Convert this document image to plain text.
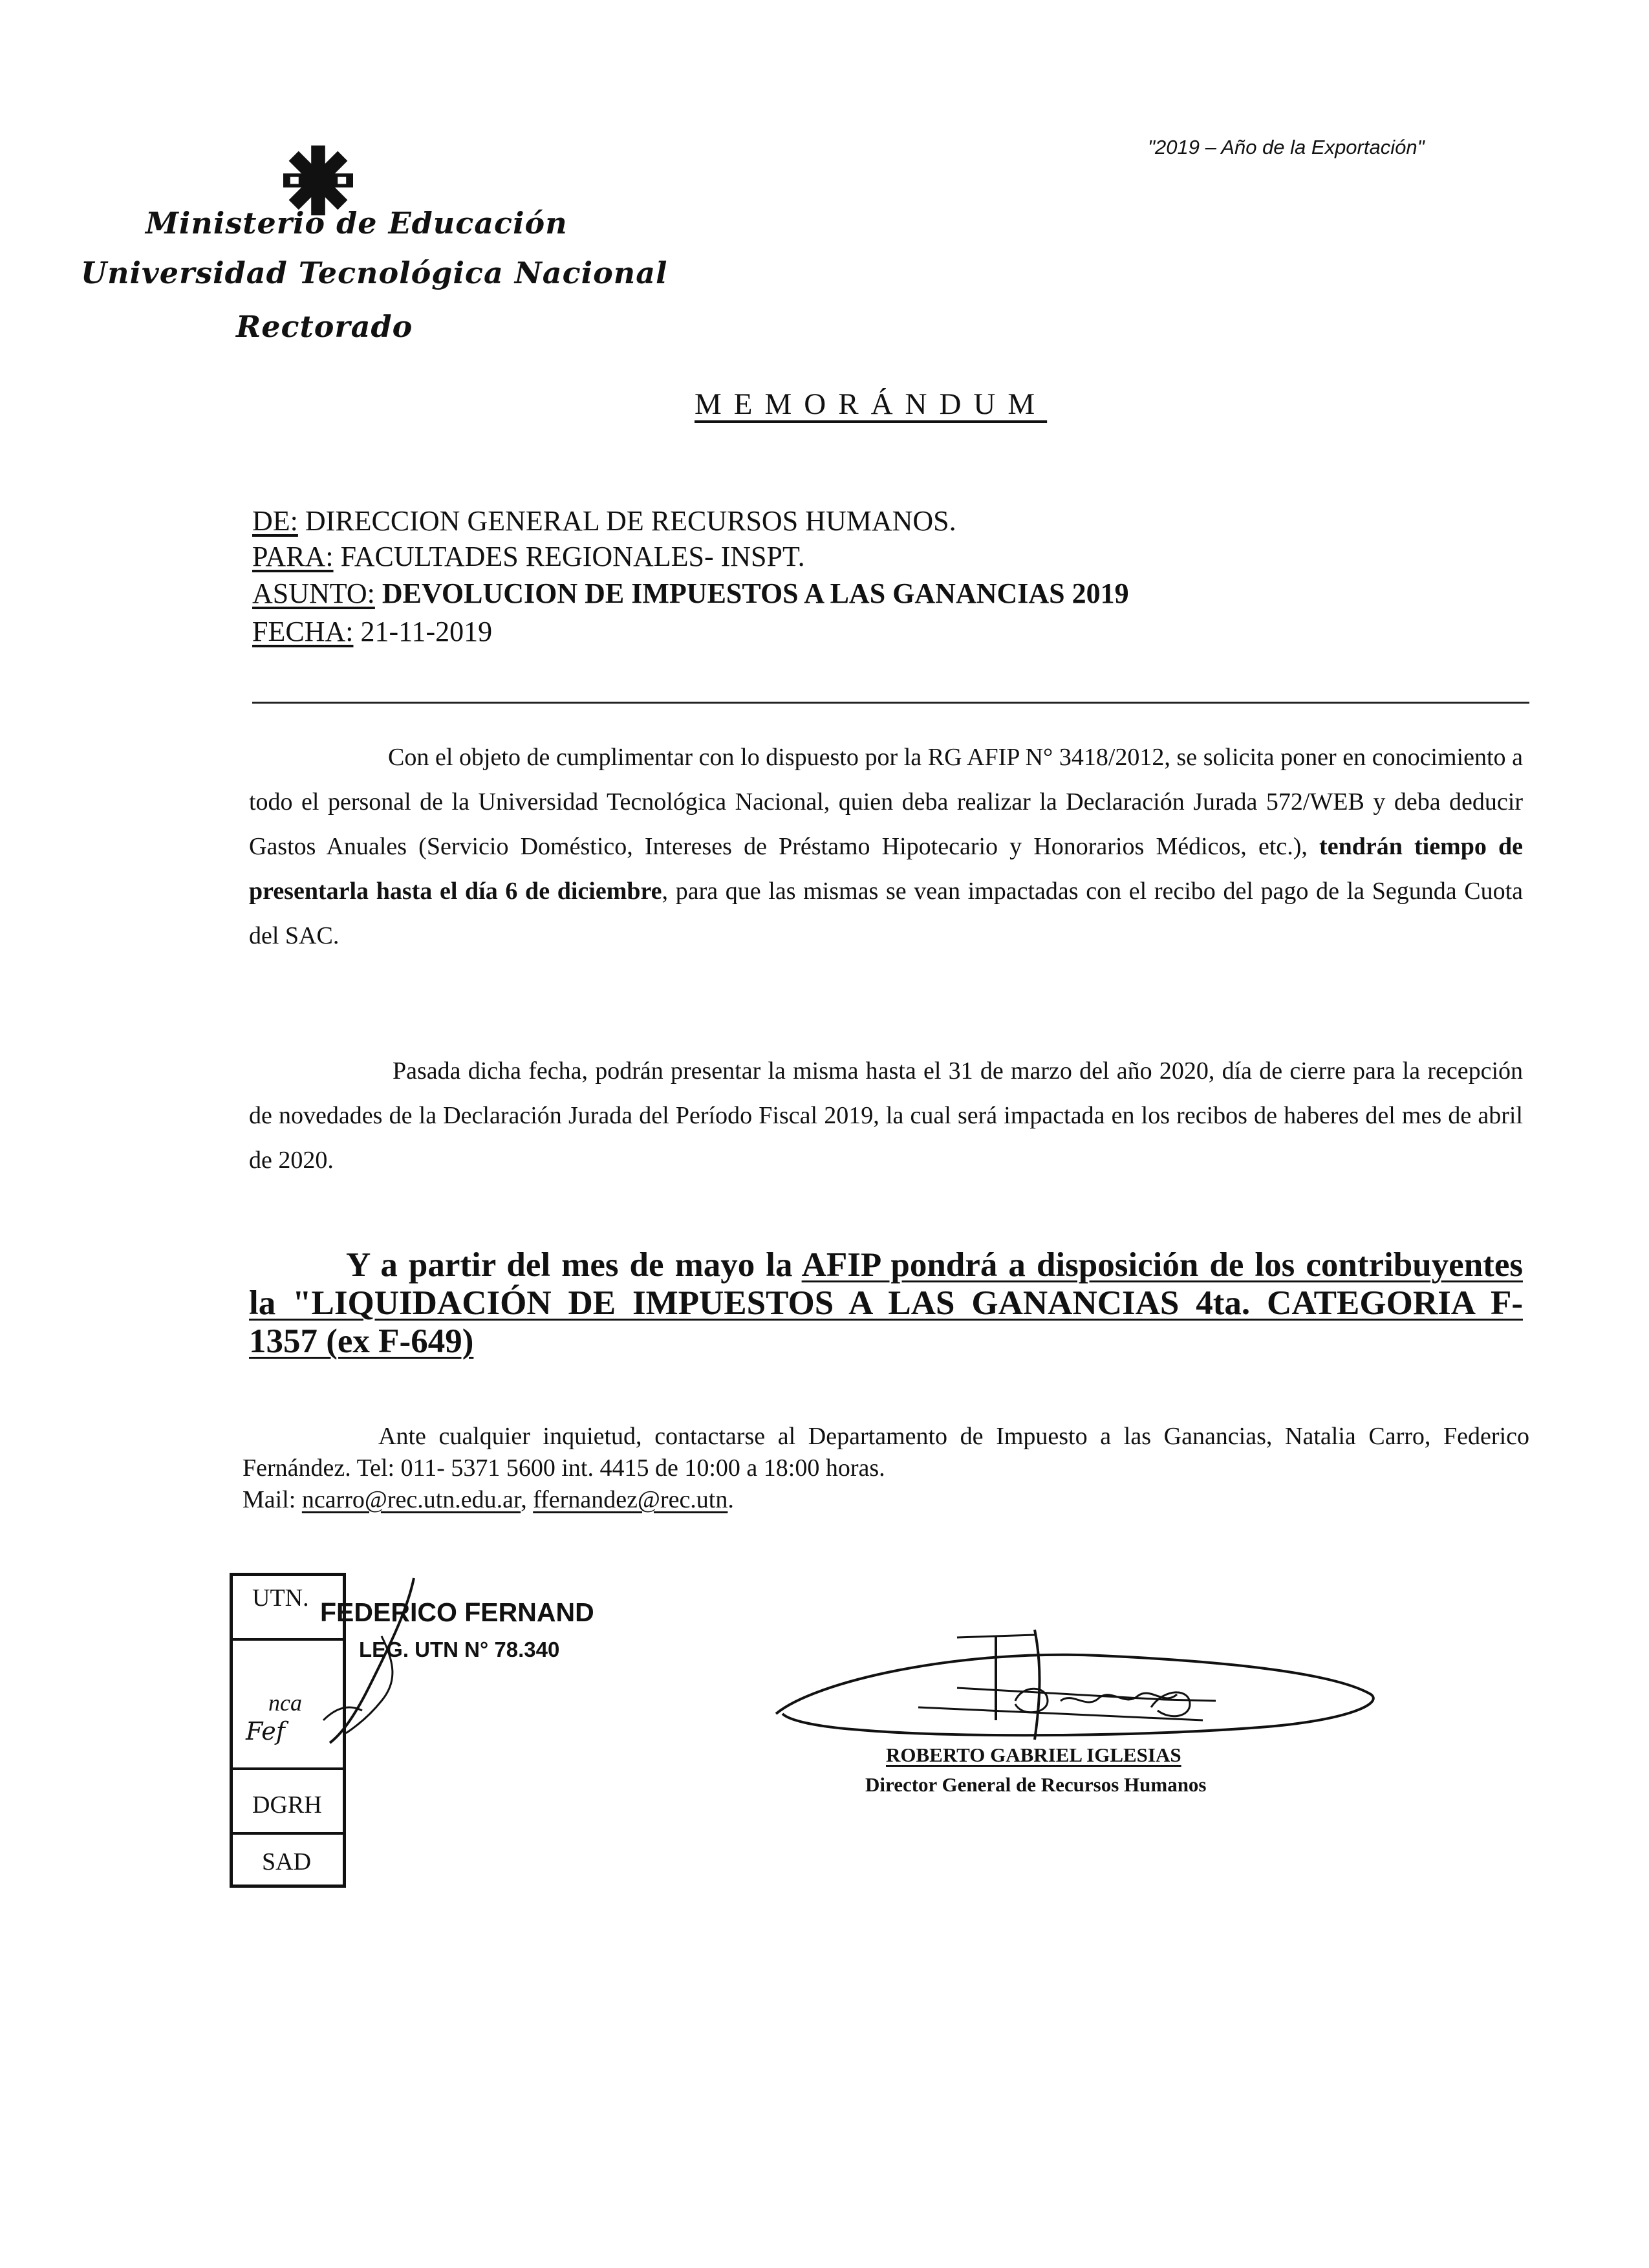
Ministerio de Educación
Universidad Tecnológica Nacional
Rectorado
"2019 – Año de la Exportación"
MEMORÁNDUM
DE: DIRECCION GENERAL DE RECURSOS HUMANOS.
PARA: FACULTADES REGIONALES- INSPT.
ASUNTO: DEVOLUCION DE IMPUESTOS A LAS GANANCIAS 2019
FECHA: 21-11-2019
Con el objeto de cumplimentar con lo dispuesto por la RG AFIP N° 3418/2012, se solicita poner en conocimiento a todo el personal de la Universidad Tecnológica Nacional, quien deba realizar la Declaración Jurada 572/WEB y deba deducir Gastos Anuales (Servicio Doméstico, Intereses de Préstamo Hipotecario y Honorarios Médicos, etc.), tendrán tiempo de presentarla hasta el día 6 de diciembre, para que las mismas se vean impactadas con el recibo del pago de la Segunda Cuota del SAC.
Pasada dicha fecha, podrán presentar la misma hasta el 31 de marzo del año 2020, día de cierre para la recepción de novedades de la Declaración Jurada del Período Fiscal 2019, la cual será impactada en los recibos de haberes del mes de abril de 2020.
Y a partir del mes de mayo la AFIP pondrá a disposición de los contribuyentes la "LIQUIDACIÓN DE IMPUESTOS A LAS GANANCIAS 4ta. CATEGORIA F- 1357 (ex F-649)
Ante cualquier inquietud, contactarse al Departamento de Impuesto a las Ganancias, Natalia Carro, Federico Fernández. Tel: 011- 5371 5600 int. 4415 de 10:00 a 18:00 horas.
Mail: ncarro@rec.utn.edu.ar, ffernandez@rec.utn.
UTN.
nca
Fef
DGRH
SAD
FEDERICO FERNAND
LEG. UTN N° 78.340
ROBERTO GABRIEL IGLESIAS
Director General de Recursos Humanos
